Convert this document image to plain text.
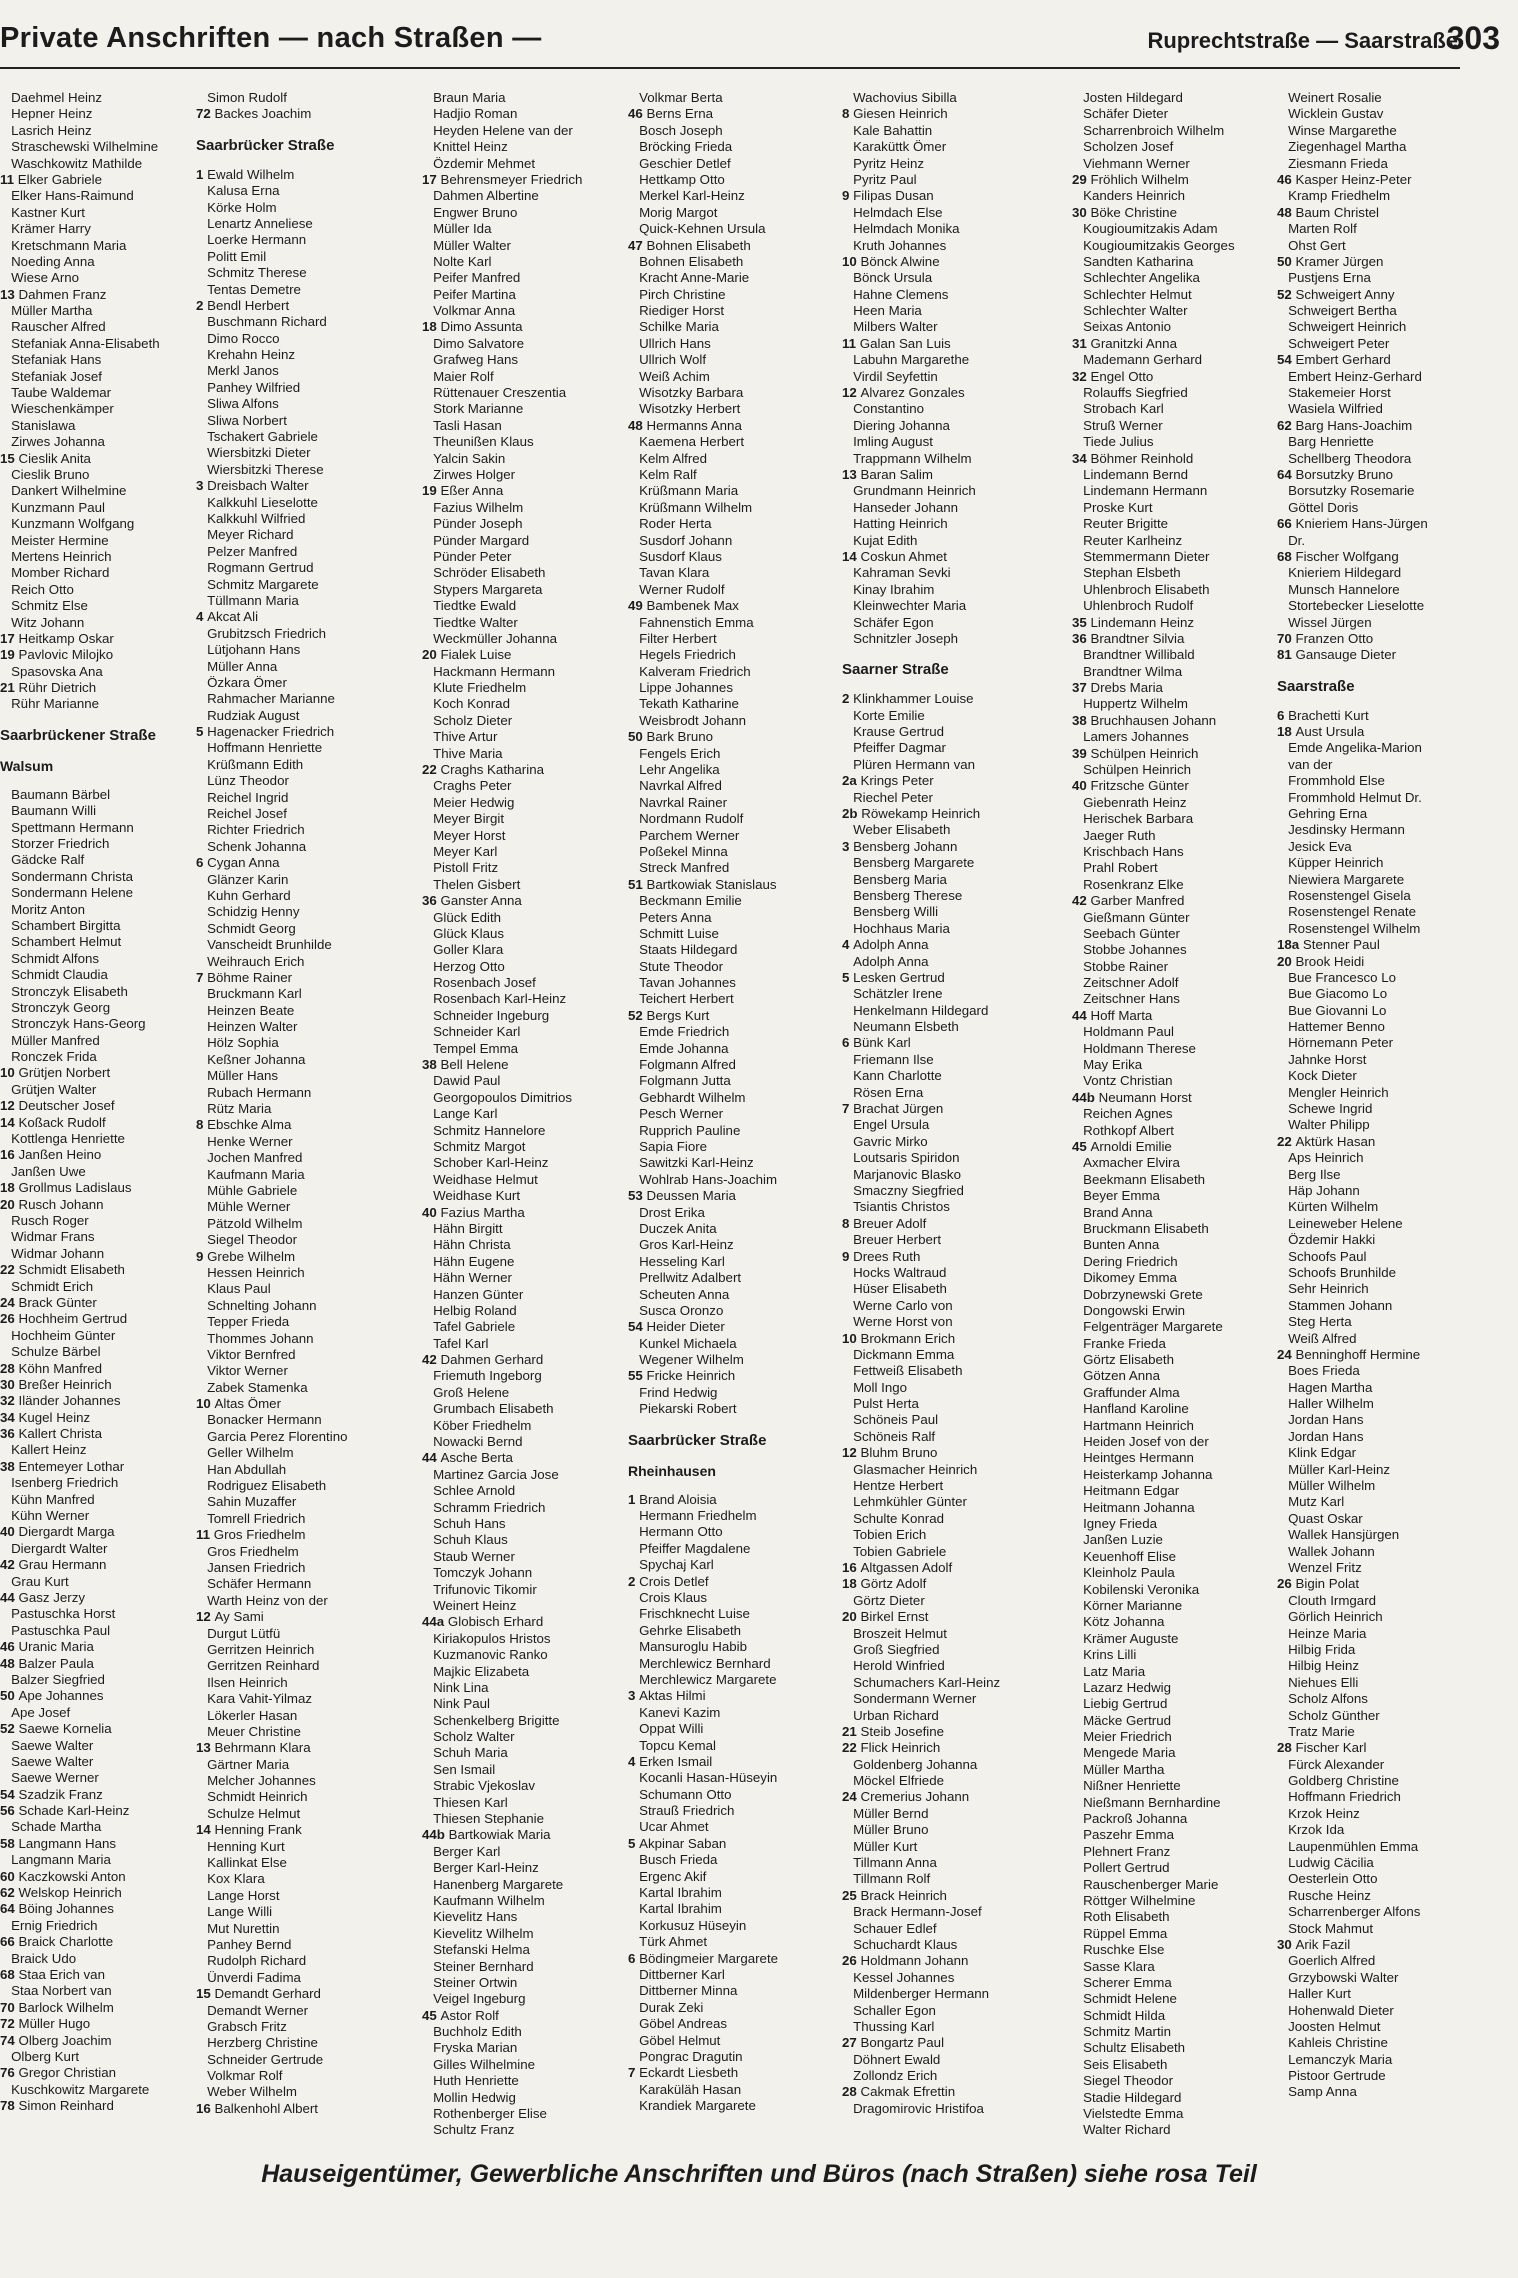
Private Anschriften — nach Straßen —	Ruprechtstraße — Saarstraße
303
Daehmel Heinz
Hepner Heinz
Lasrich Heinz
Straschewski Wilhelmine
Waschkowitz Mathilde
11 Elker Gabriele
Elker Hans-Raimund
Kastner Kurt
Krämer Harry
Kretschmann Maria
Noeding Anna
Wiese Arno
13 Dahmen Franz
Müller Martha
Rauscher Alfred
Stefaniak Anna-Elisabeth
Stefaniak Hans
Stefaniak Josef
Taube Waldemar
Wieschenkämper
Stanislawa
Zirwes Johanna
15 Cieslik Anita
Cieslik Bruno
Dankert Wilhelmine
Kunzmann Paul
Kunzmann Wolfgang
Meister Hermine
Mertens Heinrich
Momber Richard
Reich Otto
Schmitz Else
Witz Johann
17 Heitkamp Oskar
19 Pavlovic Milojko
Spasovska Ana
21 Rühr Dietrich
Rühr Marianne
Saarbrückener Straße
Walsum
Baumann Bärbel
Baumann Willi
Spettmann Hermann
Storzer Friedrich
Gädcke Ralf
Sondermann Christa
Sondermann Helene
Moritz Anton
Schambert Birgitta
Schambert Helmut
Schmidt Alfons
Schmidt Claudia
Stronczyk Elisabeth
Stronczyk Georg
Stronczyk Hans-Georg
Müller Manfred
Ronczek Frida
10 Grütjen Norbert
Grütjen Walter
12 Deutscher Josef
14 Koßack Rudolf
Kottlenga Henriette
16 Janßen Heino
Janßen Uwe
18 Grollmus Ladislaus
20 Rusch Johann
Rusch Roger
Widmar Frans
Widmar Johann
22 Schmidt Elisabeth
Schmidt Erich
24 Brack Günter
26 Hochheim Gertrud
Hochheim Günter
Schulze Bärbel
28 Köhn Manfred
30 Breßer Heinrich
32 Iländer Johannes
34 Kugel Heinz
36 Kallert Christa
Kallert Heinz
38 Entemeyer Lothar
Isenberg Friedrich
Kühn Manfred
Kühn Werner
40 Diergardt Marga
Diergardt Walter
42 Grau Hermann
Grau Kurt
44 Gasz Jerzy
Pastuschka Horst
Pastuschka Paul
46 Uranic Maria
48 Balzer Paula
Balzer Siegfried
50 Ape Johannes
Ape Josef
52 Saewe Kornelia
Saewe Walter
Saewe Walter
Saewe Werner
54 Szadzik Franz
56 Schade Karl-Heinz
Schade Martha
58 Langmann Hans
Langmann Maria
60 Kaczkowski Anton
62 Welskop Heinrich
64 Böing Johannes
Ernig Friedrich
66 Braick Charlotte
Braick Udo
68 Staa Erich van
Staa Norbert van
70 Barlock Wilhelm
72 Müller Hugo
74 Olberg Joachim
Olberg Kurt
76 Gregor Christian
Kuschkowitz Margarete
78 Simon Reinhard
Simon Rudolf
72 Backes Joachim
Saarbrücker Straße
1 Ewald Wilhelm
Kalusa Erna
Körke Holm
Lenartz Anneliese
Loerke Hermann
Politt Emil
Schmitz Therese
Tentas Demetre
2 Bendl Herbert
Buschmann Richard
Dimo Rocco
Krehahn Heinz
Merkl Janos
Panhey Wilfried
Sliwa Alfons
Sliwa Norbert
Tschakert Gabriele
Wiersbitzki Dieter
Wiersbitzki Therese
3 Dreisbach Walter
Kalkkuhl Lieselotte
Kalkkuhl Wilfried
Meyer Richard
Pelzer Manfred
Rogmann Gertrud
Schmitz Margarete
Tüllmann Maria
4 Akcat Ali
Grubitzsch Friedrich
Lütjohann Hans
Müller Anna
Özkara Ömer
Rahmacher Marianne
Rudziak August
5 Hagenacker Friedrich
Hoffmann Henriette
Krüßmann Edith
Lünz Theodor
Reichel Ingrid
Reichel Josef
Richter Friedrich
Schenk Johanna
6 Cygan Anna
Glänzer Karin
Kuhn Gerhard
Schidzig Henny
Schmidt Georg
Vanscheidt Brunhilde
Weihrauch Erich
7 Böhme Rainer
Bruckmann Karl
Heinzen Beate
Heinzen Walter
Hölz Sophia
Keßner Johanna
Müller Hans
Rubach Hermann
Rütz Maria
8 Ebschke Alma
Henke Werner
Jochen Manfred
Kaufmann Maria
Mühle Gabriele
Mühle Werner
Pätzold Wilhelm
Siegel Theodor
9 Grebe Wilhelm
Hessen Heinrich
Klaus Paul
Schnelting Johann
Tepper Frieda
Thommes Johann
Viktor Bernfred
Viktor Werner
Zabek Stamenka
10 Altas Ömer
Bonacker Hermann
Garcia Perez Florentino
Geller Wilhelm
Han Abdullah
Rodriguez Elisabeth
Sahin Muzaffer
Tomrell Friedrich
11 Gros Friedhelm
Gros Friedhelm
Jansen Friedrich
Schäfer Hermann
Warth Heinz von der
12 Ay Sami
Durgut Lütfü
Gerritzen Heinrich
Gerritzen Reinhard
Ilsen Heinrich
Kara Vahit-Yilmaz
Lökerler Hasan
Meuer Christine
13 Behrmann Klara
Gärtner Maria
Melcher Johannes
Schmidt Heinrich
Schulze Helmut
14 Henning Frank
Henning Kurt
Kallinkat Else
Kox Klara
Lange Horst
Lange Willi
Mut Nurettin
Panhey Bernd
Rudolph Richard
Ünverdi Fadima
15 Demandt Gerhard
Demandt Werner
Grabsch Fritz
Herzberg Christine
Schneider Gertrude
Volkmar Rolf
Weber Wilhelm
16 Balkenhohl Albert
Braun Maria
Hadjio Roman
Heyden Helene van der
Knittel Heinz
Özdemir Mehmet
17 Behrensmeyer Friedrich
Dahmen Albertine
Engwer Bruno
Müller Ida
Müller Walter
Nolte Karl
Peifer Manfred
Peifer Martina
Volkmar Anna
18 Dimo Assunta
Dimo Salvatore
Grafweg Hans
Maier Rolf
Rüttenauer Creszentia
Stork Marianne
Tasli Hasan
Theunißen Klaus
Yalcin Sakin
Zirwes Holger
19 Eßer Anna
Fazius Wilhelm
Pünder Joseph
Pünder Margard
Pünder Peter
Schröder Elisabeth
Stypers Margareta
Tiedtke Ewald
Tiedtke Walter
Weckmüller Johanna
20 Fialek Luise
Hackmann Hermann
Klute Friedhelm
Koch Konrad
Scholz Dieter
Thive Artur
Thive Maria
22 Craghs Katharina
Craghs Peter
Meier Hedwig
Meyer Birgit
Meyer Horst
Meyer Karl
Pistoll Fritz
Thelen Gisbert
36 Ganster Anna
Glück Edith
Glück Klaus
Goller Klara
Herzog Otto
Rosenbach Josef
Rosenbach Karl-Heinz
Schneider Ingeburg
Schneider Karl
Tempel Emma
38 Bell Helene
Dawid Paul
Georgopoulos Dimitrios
Lange Karl
Schmitz Hannelore
Schmitz Margot
Schober Karl-Heinz
Weidhase Helmut
Weidhase Kurt
40 Fazius Martha
Hähn Birgitt
Hähn Christa
Hähn Eugene
Hähn Werner
Hanzen Günter
Helbig Roland
Tafel Gabriele
Tafel Karl
42 Dahmen Gerhard
Friemuth Ingeborg
Groß Helene
Grumbach Elisabeth
Köber Friedhelm
Nowacki Bernd
44 Asche Berta
Martinez Garcia Jose
Schlee Arnold
Schramm Friedrich
Schuh Hans
Schuh Klaus
Staub Werner
Tomczyk Johann
Trifunovic Tikomir
Weinert Heinz
44a Globisch Erhard
Kiriakopulos Hristos
Kuzmanovic Ranko
Majkic Elizabeta
Nink Lina
Nink Paul
Schenkelberg Brigitte
Scholz Walter
Schuh Maria
Sen Ismail
Strabic Vjekoslav
Thiesen Karl
Thiesen Stephanie
44b Bartkowiak Maria
Berger Karl
Berger Karl-Heinz
Hanenberg Margarete
Kaufmann Wilhelm
Kievelitz Hans
Kievelitz Wilhelm
Stefanski Helma
Steiner Bernhard
Steiner Ortwin
Veigel Ingeburg
45 Astor Rolf
Buchholz Edith
Fryska Marian
Gilles Wilhelmine
Huth Henriette
Mollin Hedwig
Rothenberger Elise
Schultz Franz
Volkmar Berta
46 Berns Erna
Bosch Joseph
Bröcking Frieda
Geschier Detlef
Hettkamp Otto
Merkel Karl-Heinz
Morig Margot
Quick-Kehnen Ursula
47 Bohnen Elisabeth
Bohnen Elisabeth
Kracht Anne-Marie
Pirch Christine
Riediger Horst
Schilke Maria
Ullrich Hans
Ullrich Wolf
Weiß Achim
Wisotzky Barbara
Wisotzky Herbert
48 Hermanns Anna
Kaemena Herbert
Kelm Alfred
Kelm Ralf
Krüßmann Maria
Krüßmann Wilhelm
Roder Herta
Susdorf Johann
Susdorf Klaus
Tavan Klara
Werner Rudolf
49 Bambenek Max
Fahnenstich Emma
Filter Herbert
Hegels Friedrich
Kalveram Friedrich
Lippe Johannes
Tekath Katharine
Weisbrodt Johann
50 Bark Bruno
Fengels Erich
Lehr Angelika
Navrkal Alfred
Navrkal Rainer
Nordmann Rudolf
Parchem Werner
Poßekel Minna
Streck Manfred
51 Bartkowiak Stanislaus
Beckmann Emilie
Peters Anna
Schmitt Luise
Staats Hildegard
Stute Theodor
Tavan Johannes
Teichert Herbert
52 Bergs Kurt
Emde Friedrich
Emde Johanna
Folgmann Alfred
Folgmann Jutta
Gebhardt Wilhelm
Pesch Werner
Rupprich Pauline
Sapia Fiore
Sawitzki Karl-Heinz
Wohlrab Hans-Joachim
53 Deussen Maria
Drost Erika
Duczek Anita
Gros Karl-Heinz
Hesseling Karl
Prellwitz Adalbert
Scheuten Anna
Susca Oronzo
54 Heider Dieter
Kunkel Michaela
Wegener Wilhelm
55 Fricke Heinrich
Frind Hedwig
Piekarski Robert
Saarbrücker Straße
Rheinhausen
1 Brand Aloisia
Hermann Friedhelm
Hermann Otto
Pfeiffer Magdalene
Spychaj Karl
2 Crois Detlef
Crois Klaus
Frischknecht Luise
Gehrke Elisabeth
Mansuroglu Habib
Merchlewicz Bernhard
Merchlewicz Margarete
3 Aktas Hilmi
Kanevi Kazim
Oppat Willi
Topcu Kemal
4 Erken Ismail
Kocanli Hasan-Hüseyin
Schumann Otto
Strauß Friedrich
Ucar Ahmet
5 Akpinar Saban
Busch Frieda
Ergenc Akif
Kartal Ibrahim
Kartal Ibrahim
Korkusuz Hüseyin
Türk Ahmet
6 Bödingmeier Margarete
Dittberner Karl
Dittberner Minna
Durak Zeki
Göbel Andreas
Göbel Helmut
Pongrac Dragutin
7 Eckardt Liesbeth
Karaküläh Hasan
Krandiek Margarete
Wachovius Sibilla
8 Giesen Heinrich
Kale Bahattin
Karaküttk Ömer
Pyritz Heinz
Pyritz Paul
9 Filipas Dusan
Helmdach Else
Helmdach Monika
Kruth Johannes
10 Bönck Alwine
Bönck Ursula
Hahne Clemens
Heen Maria
Milbers Walter
11 Galan San Luis
Labuhn Margarethe
Virdil Seyfettin
12 Alvarez Gonzales
Constantino
Diering Johanna
Imling August
Trappmann Wilhelm
13 Baran Salim
Grundmann Heinrich
Hanseder Johann
Hatting Heinrich
Kujat Edith
14 Coskun Ahmet
Kahraman Sevki
Kinay Ibrahim
Kleinwechter Maria
Schäfer Egon
Schnitzler Joseph
Saarner Straße
2 Klinkhammer Louise
Korte Emilie
Krause Gertrud
Pfeiffer Dagmar
Plüren Hermann van
2a Krings Peter
Riechel Peter
2b Röwekamp Heinrich
Weber Elisabeth
3 Bensberg Johann
Bensberg Margarete
Bensberg Maria
Bensberg Therese
Bensberg Willi
Hochhaus Maria
4 Adolph Anna
Adolph Anna
5 Lesken Gertrud
Schätzler Irene
Henkelmann Hildegard
Neumann Elsbeth
6 Bünk Karl
Friemann Ilse
Kann Charlotte
Rösen Erna
7 Brachat Jürgen
Engel Ursula
Gavric Mirko
Loutsaris Spiridon
Marjanovic Blasko
Smaczny Siegfried
Tsiantis Christos
8 Breuer Adolf
Breuer Herbert
9 Drees Ruth
Hocks Waltraud
Hüser Elisabeth
Werne Carlo von
Werne Horst von
10 Brokmann Erich
Dickmann Emma
Fettweiß Elisabeth
Moll Ingo
Pulst Herta
Schöneis Paul
Schöneis Ralf
12 Bluhm Bruno
Glasmacher Heinrich
Hentze Herbert
Lehmkühler Günter
Schulte Konrad
Tobien Erich
Tobien Gabriele
16 Altgassen Adolf
18 Görtz Adolf
Görtz Dieter
20 Birkel Ernst
Broszeit Helmut
Groß Siegfried
Herold Winfried
Schumachers Karl-Heinz
Sondermann Werner
Urban Richard
21 Steib Josefine
22 Flick Heinrich
Goldenberg Johanna
Möckel Elfriede
24 Cremerius Johann
Müller Bernd
Müller Bruno
Müller Kurt
Tillmann Anna
Tillmann Rolf
25 Brack Heinrich
Brack Hermann-Josef
Schauer Edlef
Schuchardt Klaus
26 Holdmann Johann
Kessel Johannes
Mildenberger Hermann
Schaller Egon
Thussing Karl
27 Bongartz Paul
Döhnert Ewald
Zollondz Erich
28 Cakmak Efrettin
Dragomirovic Hristifoa
Josten Hildegard
Schäfer Dieter
Scharrenbroich Wilhelm
Scholzen Josef
Viehmann Werner
29 Fröhlich Wilhelm
Kanders Heinrich
30 Böke Christine
Kougioumitzakis Adam
Kougioumitzakis Georges
Sandten Katharina
Schlechter Angelika
Schlechter Helmut
Schlechter Walter
Seixas Antonio
31 Granitzki Anna
Mademann Gerhard
32 Engel Otto
Rolauffs Siegfried
Strobach Karl
Struß Werner
Tiede Julius
34 Böhmer Reinhold
Lindemann Bernd
Lindemann Hermann
Proske Kurt
Reuter Brigitte
Reuter Karlheinz
Stemmermann Dieter
Stephan Elsbeth
Uhlenbroch Elisabeth
Uhlenbroch Rudolf
35 Lindemann Heinz
36 Brandtner Silvia
Brandtner Willibald
Brandtner Wilma
37 Drebs Maria
Huppertz Wilhelm
38 Bruchhausen Johann
Lamers Johannes
39 Schülpen Heinrich
Schülpen Heinrich
40 Fritzsche Günter
Giebenrath Heinz
Herischek Barbara
Jaeger Ruth
Krischbach Hans
Prahl Robert
Rosenkranz Elke
42 Garber Manfred
Gießmann Günter
Seebach Günter
Stobbe Johannes
Stobbe Rainer
Zeitschner Adolf
Zeitschner Hans
44 Hoff Marta
Holdmann Paul
Holdmann Therese
May Erika
Vontz Christian
44b Neumann Horst
Reichen Agnes
Rothkopf Albert
45 Arnoldi Emilie
Axmacher Elvira
Beekmann Elisabeth
Beyer Emma
Brand Anna
Bruckmann Elisabeth
Bunten Anna
Dering Friedrich
Dikomey Emma
Dobrzynewski Grete
Dongowski Erwin
Felgenträger Margarete
Franke Frieda
Görtz Elisabeth
Götzen Anna
Graffunder Alma
Hanfland Karoline
Hartmann Heinrich
Heiden Josef von der
Heintges Hermann
Heisterkamp Johanna
Heitmann Edgar
Heitmann Johanna
Igney Frieda
Janßen Luzie
Keuenhoff Elise
Kleinholz Paula
Kobilenski Veronika
Körner Marianne
Kötz Johanna
Krämer Auguste
Krins Lilli
Latz Maria
Lazarz Hedwig
Liebig Gertrud
Mäcke Gertrud
Meier Friedrich
Mengede Maria
Müller Martha
Nißner Henriette
Nießmann Bernhardine
Packroß Johanna
Paszehr Emma
Plehnert Franz
Pollert Gertrud
Rauschenberger Marie
Röttger Wilhelmine
Roth Elisabeth
Rüppel Emma
Ruschke Else
Sasse Klara
Scherer Emma
Schmidt Helene
Schmidt Hilda
Schmitz Martin
Schultz Elisabeth
Seis Elisabeth
Siegel Theodor
Stadie Hildegard
Vielstedte Emma
Walter Richard
Weinert Rosalie
Wicklein Gustav
Winse Margarethe
Ziegenhagel Martha
Ziesmann Frieda
46 Kasper Heinz-Peter
Kramp Friedhelm
48 Baum Christel
Marten Rolf
Ohst Gert
50 Kramer Jürgen
Pustjens Erna
52 Schweigert Anny
Schweigert Bertha
Schweigert Heinrich
Schweigert Peter
54 Embert Gerhard
Embert Heinz-Gerhard
Stakemeier Horst
Wasiela Wilfried
62 Barg Hans-Joachim
Barg Henriette
Schellberg Theodora
64 Borsutzky Bruno
Borsutzky Rosemarie
Göttel Doris
66 Knieriem Hans-Jürgen
Dr.
68 Fischer Wolfgang
Knieriem Hildegard
Munsch Hannelore
Stortebecker Lieselotte
Wissel Jürgen
70 Franzen Otto
81 Gansauge Dieter
Saarstraße
6 Brachetti Kurt
18 Aust Ursula
Emde Angelika-Marion
van der
Frommhold Else
Frommhold Helmut Dr.
Gehring Erna
Jesdinsky Hermann
Jesick Eva
Küpper Heinrich
Niewiera Margarete
Rosenstengel Gisela
Rosenstengel Renate
Rosenstengel Wilhelm
18a Stenner Paul
20 Brook Heidi
Bue Francesco Lo
Bue Giacomo Lo
Bue Giovanni Lo
Hattemer Benno
Hörnemann Peter
Jahnke Horst
Kock Dieter
Mengler Heinrich
Schewe Ingrid
Walter Philipp
22 Aktürk Hasan
Aps Heinrich
Berg Ilse
Häp Johann
Kürten Wilhelm
Leineweber Helene
Özdemir Hakki
Schoofs Paul
Schoofs Brunhilde
Sehr Heinrich
Stammen Johann
Steg Herta
Weiß Alfred
24 Benninghoff Hermine
Boes Frieda
Hagen Martha
Haller Wilhelm
Jordan Hans
Jordan Hans
Klink Edgar
Müller Karl-Heinz
Müller Wilhelm
Mutz Karl
Quast Oskar
Wallek Hansjürgen
Wallek Johann
Wenzel Fritz
26 Bigin Polat
Clouth Irmgard
Görlich Heinrich
Heinze Maria
Hilbig Frida
Hilbig Heinz
Niehues Elli
Scholz Alfons
Scholz Günther
Tratz Marie
28 Fischer Karl
Fürck Alexander
Goldberg Christine
Hoffmann Friedrich
Krzok Heinz
Krzok Ida
Laupenmühlen Emma
Ludwig Cäcilia
Oesterlein Otto
Rusche Heinz
Scharrenberger Alfons
Stock Mahmut
30 Arik Fazil
Goerlich Alfred
Grzybowski Walter
Haller Kurt
Hohenwald Dieter
Joosten Helmut
Kahleis Christine
Lemanczyk Maria
Pistoor Gertrude
Samp Anna
Hauseigentümer, Gewerbliche Anschriften und Büros (nach Straßen) siehe rosa Teil
